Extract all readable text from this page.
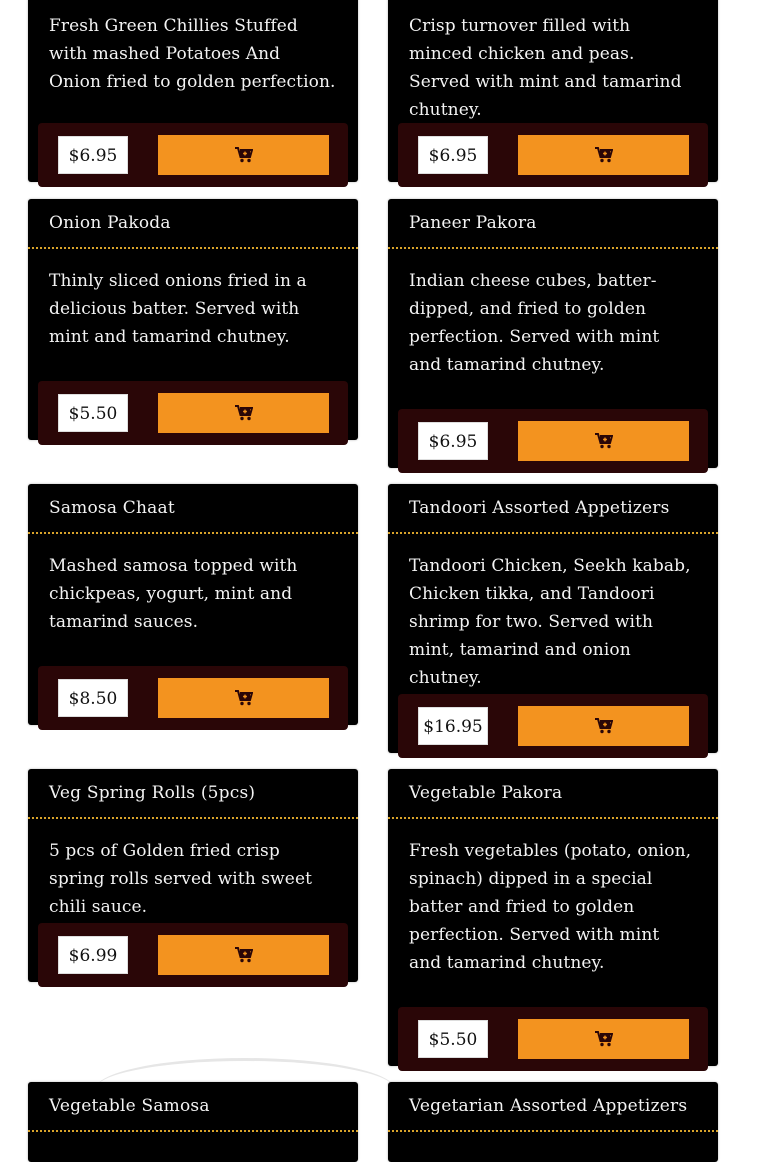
Fresh Green Chillies Stuffed with mashed Potatoes And Onion fried to golden perfection.
$6.95
Crisp turnover filled with minced chicken and peas. Served with mint and tamarind chutney.
$6.95
Onion Pakoda
Thinly sliced onions fried in a delicious batter. Served with mint and tamarind chutney.
$5.50
Paneer Pakora
Indian cheese cubes, batter-dipped, and fried to golden perfection. Served with mint and tamarind chutney.
$6.95
Samosa Chaat
Mashed samosa topped with chickpeas, yogurt, mint and tamarind sauces.
$8.50
Tandoori Assorted Appetizers
Tandoori Chicken, Seekh kabab, Chicken tikka, and Tandoori shrimp for two. Served with mint, tamarind and onion chutney.
$16.95
Veg Spring Rolls (5pcs)
5 pcs of Golden fried crisp spring rolls served with sweet chili sauce.
$6.99
Vegetable Pakora
Fresh vegetables (potato, onion, spinach) dipped in a special batter and fried to golden perfection. Served with mint and tamarind chutney.
$5.50
Vegetable Samosa	Vegetarian Assorted Appetizers
